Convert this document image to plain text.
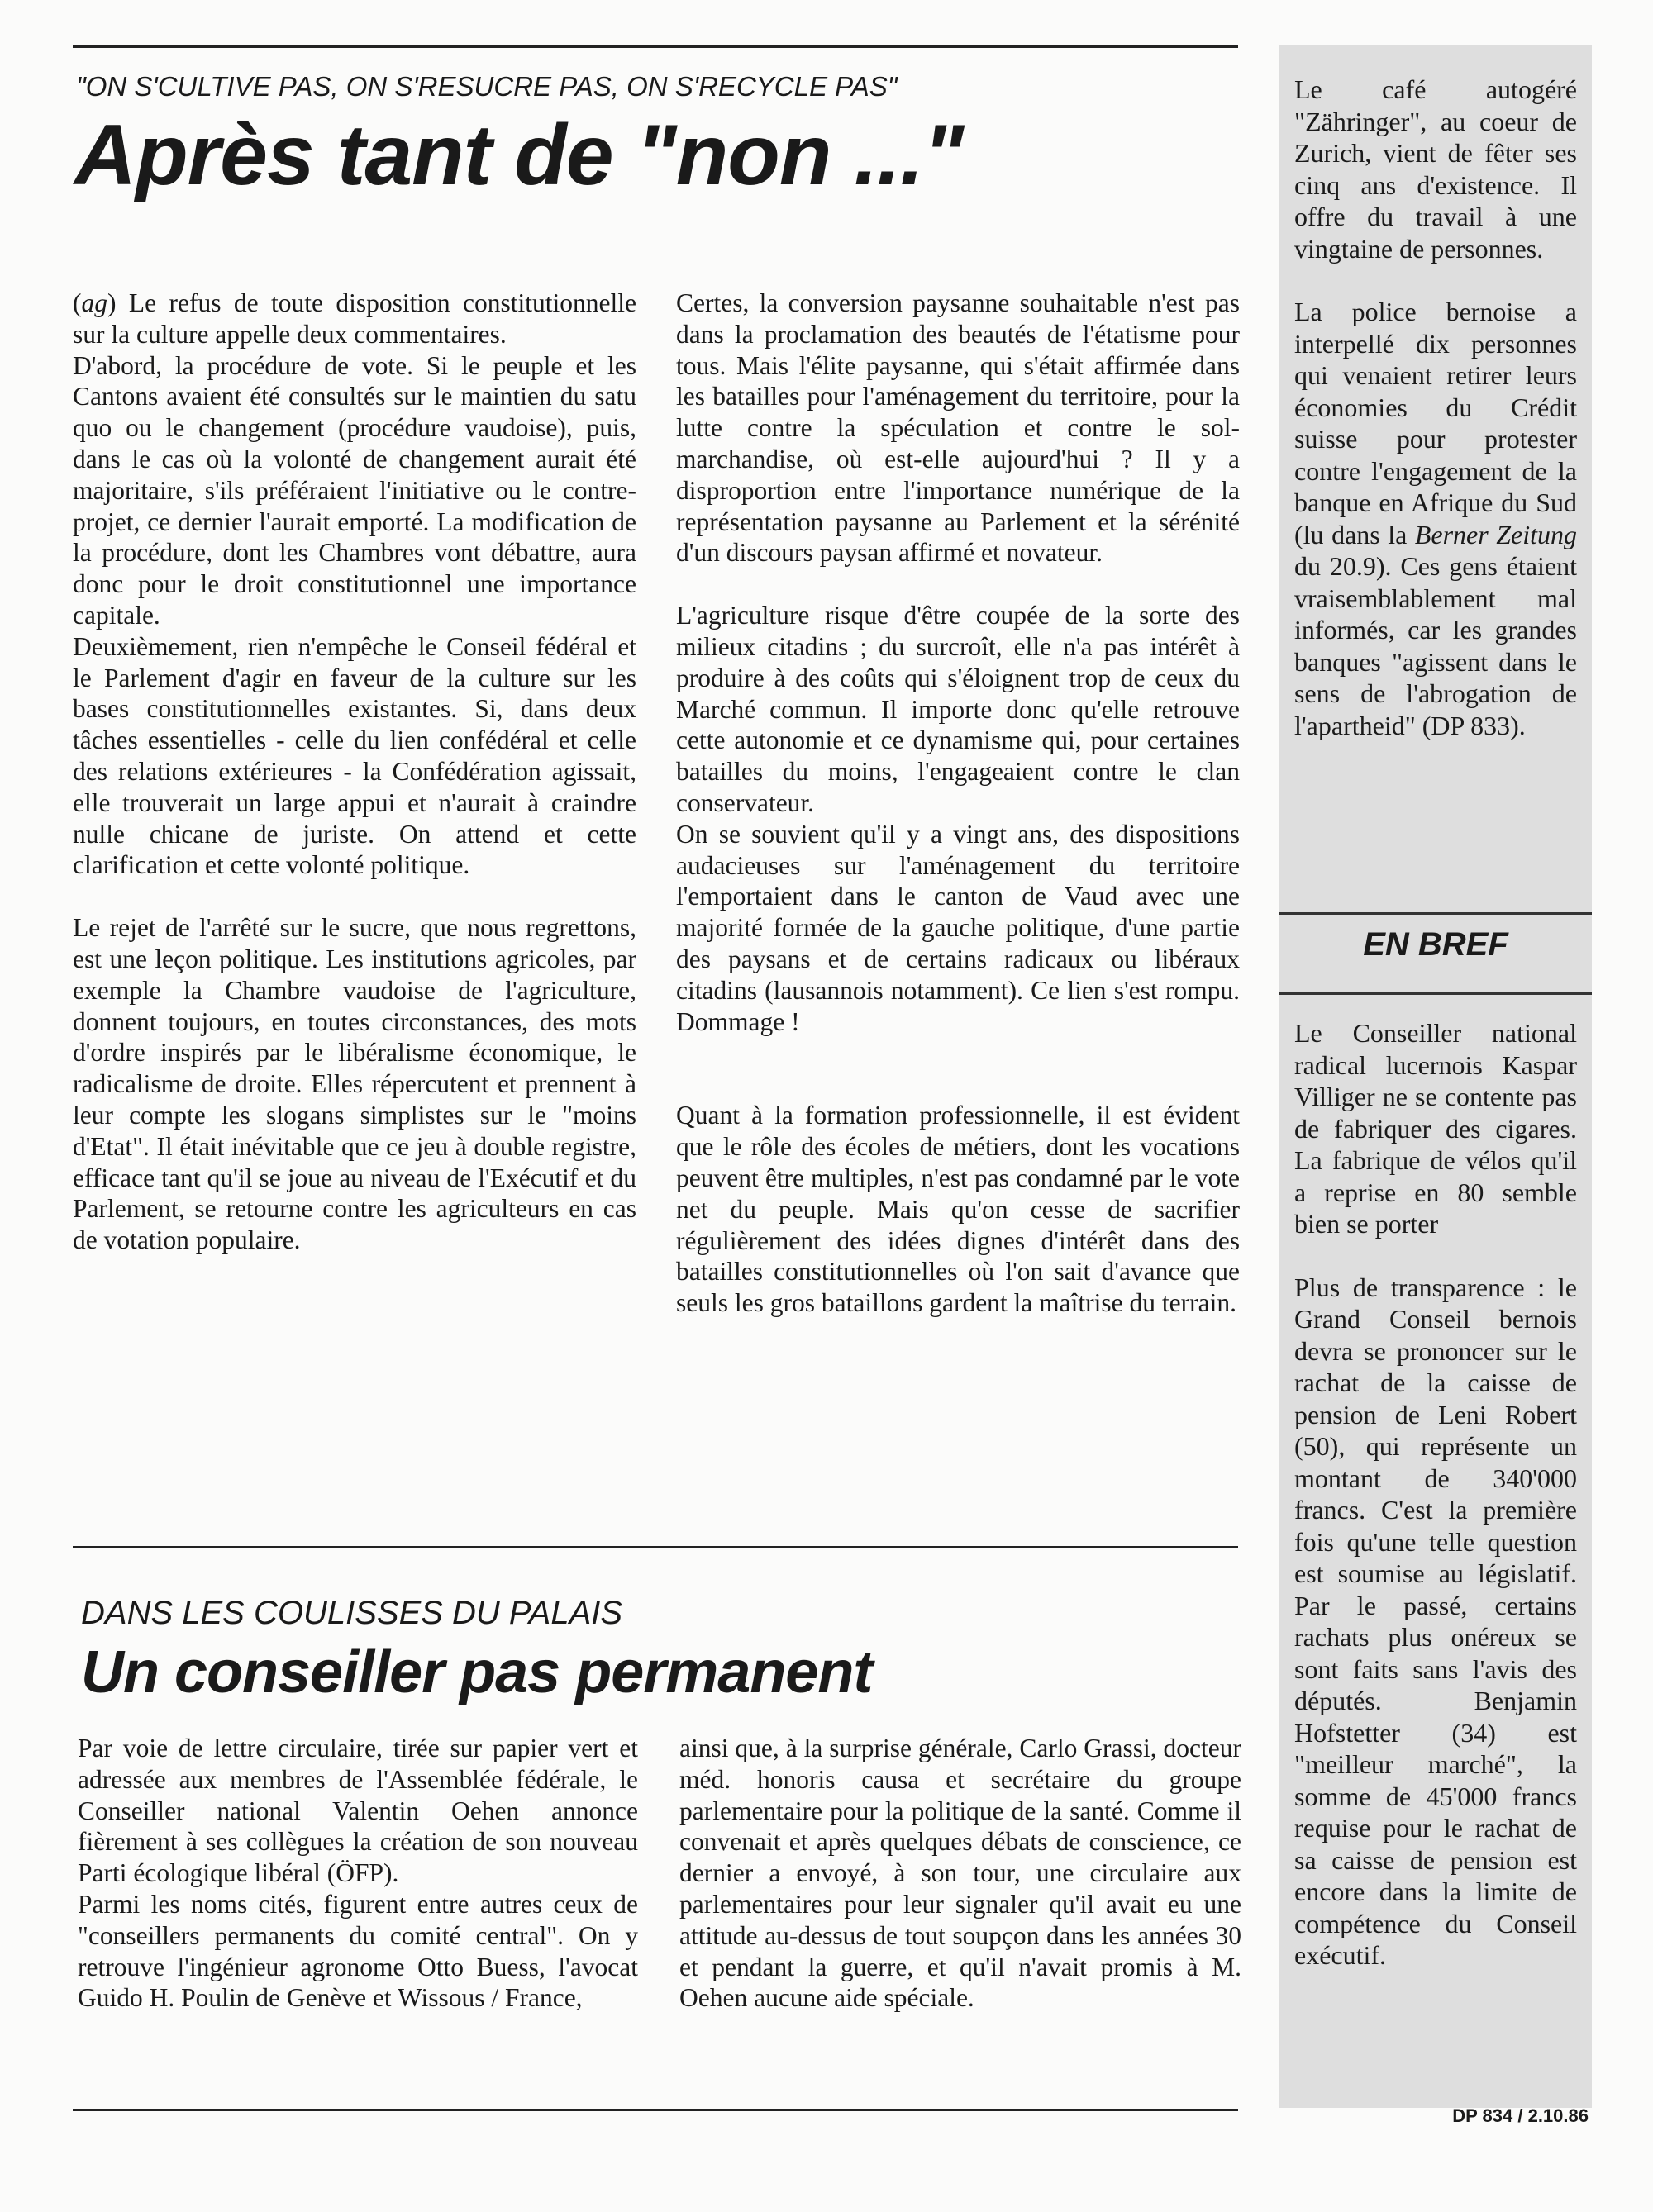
"ON S'CULTIVE PAS, ON S'RESUCRE PAS, ON S'RECYCLE PAS"
Après tant de "non ..."

(ag) Le refus de toute disposition constitutionnelle sur la culture appelle deux commentaires.

D'abord, la procédure de vote. Si le peuple et les Cantons avaient été consultés sur le maintien du satu quo ou le changement (procédure vaudoise), puis, dans le cas où la volonté de changement aurait été majoritaire, s'ils préféraient l'initiative ou le contre-projet, ce dernier l'aurait emporté. La modification de la procédure, dont les Chambres vont débattre, aura donc pour le droit constitutionnel une importance capitale.

Deuxièmement, rien n'empêche le Conseil fédéral et le Parlement d'agir en faveur de la culture sur les bases constitutionnelles existantes. Si, dans deux tâches essentielles - celle du lien confédéral et celle des relations extérieures - la Confédération agissait, elle trouverait un large appui et n'aurait à craindre nulle chicane de juriste. On attend et cette clarification et cette volonté politique.

Le rejet de l'arrêté sur le sucre, que nous regrettons, est une leçon politique. Les institutions agricoles, par exemple la Chambre vaudoise de l'agriculture, donnent toujours, en toutes circonstances, des mots d'ordre inspirés par le libéralisme économique, le radicalisme de droite. Elles répercutent et prennent à leur compte les slogans simplistes sur le "moins d'Etat". Il était inévitable que ce jeu à double registre, efficace tant qu'il se joue au niveau de l'Exécutif et du Parlement, se retourne contre les agriculteurs en cas de votation populaire.

Certes, la conversion paysanne souhaitable n'est pas dans la proclamation des beautés de l'étatisme pour tous. Mais l'élite paysanne, qui s'était affirmée dans les batailles pour l'aménagement du territoire, pour la lutte contre la spéculation et contre le sol-marchandise, où est-elle aujourd'hui ? Il y a disproportion entre l'importance numérique de la représentation paysanne au Parlement et la sérénité d'un discours paysan affirmé et novateur.

L'agriculture risque d'être coupée de la sorte des milieux citadins ; du surcroît, elle n'a pas intérêt à produire à des coûts qui s'éloignent trop de ceux du Marché commun. Il importe donc qu'elle retrouve cette autonomie et ce dynamisme qui, pour certaines batailles du moins, l'engageaient contre le clan conservateur.

On se souvient qu'il y a vingt ans, des dispositions audacieuses sur l'aménagement du territoire l'emportaient dans le canton de Vaud avec une majorité formée de la gauche politique, d'une partie des paysans et de certains radicaux ou libéraux citadins (lausannois notamment). Ce lien s'est rompu. Dommage !

Quant à la formation professionnelle, il est évident que le rôle des écoles de métiers, dont les vocations peuvent être multiples, n'est pas condamné par le vote net du peuple. Mais qu'on cesse de sacrifier régulièrement des idées dignes d'intérêt dans des batailles constitutionnelles où l'on sait d'avance que seuls les gros bataillons gardent la maîtrise du terrain.

DANS LES COULISSES DU PALAIS
Un conseiller pas permanent

Par voie de lettre circulaire, tirée sur papier vert et adressée aux membres de l'Assemblée fédérale, le Conseiller national Valentin Oehen annonce fièrement à ses collègues la création de son nouveau Parti écologique libéral (ÖFP).

Parmi les noms cités, figurent entre autres ceux de "conseillers permanents du comité central". On y retrouve l'ingénieur agronome Otto Buess, l'avocat Guido H. Poulin de Genève et Wissous / France,

ainsi que, à la surprise générale, Carlo Grassi, docteur méd. honoris causa et secrétaire du groupe parlementaire pour la politique de la santé. Comme il convenait et après quelques débats de conscience, ce dernier a envoyé, à son tour, une circulaire aux parlementaires pour leur signaler qu'il avait eu une attitude au-dessus de tout soupçon dans les années 30 et pendant la guerre, et qu'il n'avait promis à M. Oehen aucune aide spéciale.

Le café autogéré "Zähringer", au coeur de Zurich, vient de fêter ses cinq ans d'existence. Il offre du travail à une vingtaine de personnes.

La police bernoise a interpellé dix personnes qui venaient retirer leurs économies du Crédit suisse pour protester contre l'engagement de la banque en Afrique du Sud (lu dans la Berner Zeitung du 20.9). Ces gens étaient vraisemblablement mal informés, car les grandes banques "agissent dans le sens de l'abrogation de l'apartheid" (DP 833).

EN BREF

Le Conseiller national radical lucernois Kaspar Villiger ne se contente pas de fabriquer des cigares. La fabrique de vélos qu'il a reprise en 80 semble bien se porter

Plus de transparence : le Grand Conseil bernois devra se prononcer sur le rachat de la caisse de pension de Leni Robert (50), qui représente un montant de 340'000 francs. C'est la première fois qu'une telle question est soumise au législatif. Par le passé, certains rachats plus onéreux se sont faits sans l'avis des députés. Benjamin Hofstetter (34) est "meilleur marché", la somme de 45'000 francs requise pour le rachat de sa caisse de pension est encore dans la limite de compétence du Conseil exécutif.

DP 834 / 2.10.86
